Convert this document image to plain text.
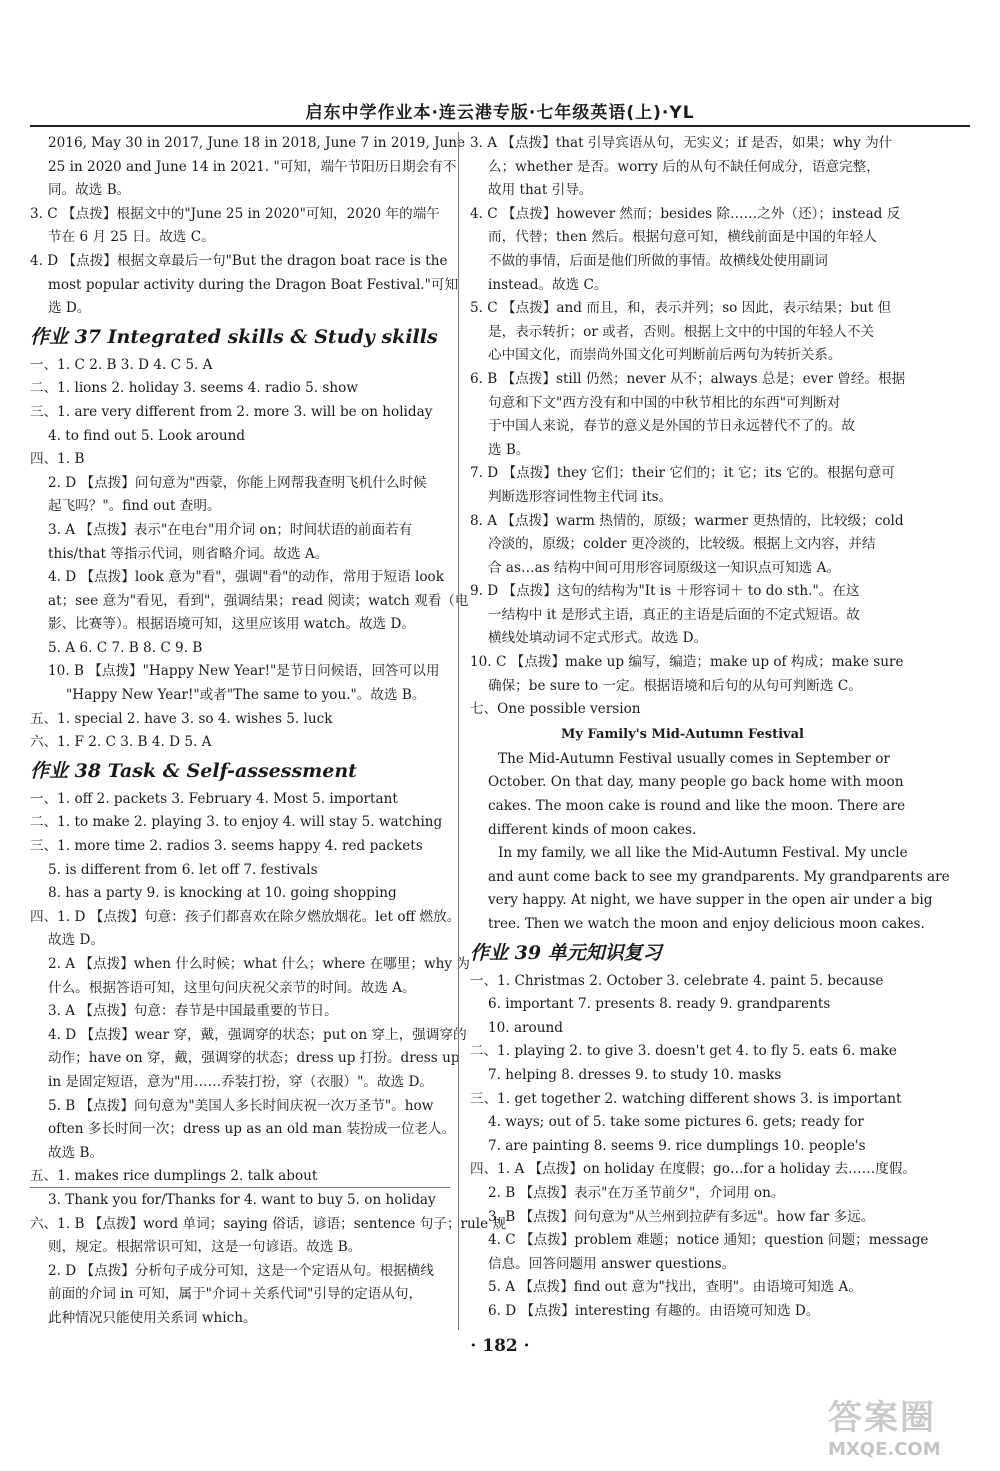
启东中学作业本·连云港专版·七年级英语(上)·YL
2016, May 30 in 2017, June 18 in 2018, June 7 in 2019, June
25 in 2020 and June 14 in 2021. "可知，端午节阳历日期会有不
同。故选 B。
3. C 【点拨】根据文中的"June 25 in 2020"可知，2020 年的端午
节在 6 月 25 日。故选 C。
4. D 【点拨】根据文章最后一句"But the dragon boat race is the
most popular activity during the Dragon Boat Festival."可知
选 D。
作业 37 Integrated skills & Study skills
一、1. C 2. B 3. D 4. C 5. A
二、1. lions 2. holiday 3. seems 4. radio 5. show
三、1. are very different from 2. more 3. will be on holiday
4. to find out 5. Look around
四、1. B
2. D 【点拨】问句意为"西蒙，你能上网帮我查明飞机什么时候
起飞吗？"。find out 查明。
3. A 【点拨】表示"在电台"用介词 on；时间状语的前面若有
this/that 等指示代词，则省略介词。故选 A。
4. D 【点拨】look 意为"看"，强调"看"的动作，常用于短语 look
at；see 意为"看见，看到"，强调结果；read 阅读；watch 观看（电
影、比赛等）。根据语境可知，这里应该用 watch。故选 D。
5. A 6. C 7. B 8. C 9. B
10. B 【点拨】"Happy New Year!"是节日问候语，回答可以用
"Happy New Year!"或者"The same to you."。故选 B。
五、1. special 2. have 3. so 4. wishes 5. luck
六、1. F 2. C 3. B 4. D 5. A
作业 38 Task & Self-assessment
一、1. off 2. packets 3. February 4. Most 5. important
二、1. to make 2. playing 3. to enjoy 4. will stay 5. watching
三、1. more time 2. radios 3. seems happy 4. red packets
5. is different from 6. let off 7. festivals
8. has a party 9. is knocking at 10. going shopping
四、1. D 【点拨】句意：孩子们都喜欢在除夕燃放烟花。let off 燃放。
故选 D。
2. A 【点拨】when 什么时候；what 什么；where 在哪里；why 为
什么。根据答语可知，这里句问庆祝父亲节的时间。故选 A。
3. A 【点拨】句意：春节是中国最重要的节日。
4. D 【点拨】wear 穿，戴，强调穿的状态；put on 穿上，强调穿的
动作；have on 穿，戴，强调穿的状态；dress up 打扮。dress up
in 是固定短语，意为"用……乔装打扮，穿（衣服）"。故选 D。
5. B 【点拨】问句意为"美国人多长时间庆祝一次万圣节"。how
often 多长时间一次；dress up as an old man 装扮成一位老人。
故选 B。
五、1. makes rice dumplings 2. talk about
3. Thank you for/Thanks for 4. want to buy 5. on holiday
六、1. B 【点拨】word 单词；saying 俗话，谚语；sentence 句子；rule 规
则，规定。根据常识可知，这是一句谚语。故选 B。
2. D 【点拨】分析句子成分可知，这是一个定语从句。根据横线
前面的介词 in 可知，属于"介词＋关系代词"引导的定语从句，
此种情况只能使用关系词 which。
3. A 【点拨】that 引导宾语从句，无实义；if 是否，如果；why 为什
么；whether 是否。worry 后的从句不缺任何成分，语意完整，
故用 that 引导。
4. C 【点拨】however 然而；besides 除……之外（还）；instead 反
而，代替；then 然后。根据句意可知，横线前面是中国的年轻人
不做的事情，后面是他们所做的事情。故横线处使用副词
instead。故选 C。
5. C 【点拨】and 而且，和，表示并列；so 因此，表示结果；but 但
是，表示转折；or 或者，否则。根据上文中的中国的年轻人不关
心中国文化，而崇尚外国文化可判断前后两句为转折关系。
6. B 【点拨】still 仍然；never 从不；always 总是；ever 曾经。根据
句意和下文"西方没有和中国的中秋节相比的东西"可判断对
于中国人来说，春节的意义是外国的节日永远替代不了的。故
选 B。
7. D 【点拨】they 它们；their 它们的；it 它；its 它的。根据句意可
判断选形容词性物主代词 its。
8. A 【点拨】warm 热情的，原级；warmer 更热情的，比较级；cold
冷淡的，原级；colder 更冷淡的，比较级。根据上文内容，并结
合 as…as 结构中间可用形容词原级这一知识点可知选 A。
9. D 【点拨】这句的结构为"It is ＋形容词＋ to do sth."。在这
一结构中 it 是形式主语，真正的主语是后面的不定式短语。故
横线处填动词不定式形式。故选 D。
10. C 【点拨】make up 编写，编造；make up of 构成；make sure
确保；be sure to 一定。根据语境和后句的从句可判断选 C。
七、One possible version
My Family's Mid-Autumn Festival
The Mid-Autumn Festival usually comes in September or
October. On that day, many people go back home with moon
cakes. The moon cake is round and like the moon. There are
different kinds of moon cakes.
In my family, we all like the Mid-Autumn Festival. My uncle
and aunt come back to see my grandparents. My grandparents are
very happy. At night, we have supper in the open air under a big
tree. Then we watch the moon and enjoy delicious moon cakes.
作业 39 单元知识复习
一、1. Christmas 2. October 3. celebrate 4. paint 5. because
6. important 7. presents 8. ready 9. grandparents
10. around
二、1. playing 2. to give 3. doesn't get 4. to fly 5. eats 6. make
7. helping 8. dresses 9. to study 10. masks
三、1. get together 2. watching different shows 3. is important
4. ways; out of 5. take some pictures 6. gets; ready for
7. are painting 8. seems 9. rice dumplings 10. people's
四、1. A 【点拨】on holiday 在度假；go…for a holiday 去……度假。
2. B 【点拨】表示"在万圣节前夕"，介词用 on。
3. B 【点拨】问句意为"从兰州到拉萨有多远"。how far 多远。
4. C 【点拨】problem 难题；notice 通知；question 问题；message
信息。回答问题用 answer questions。
5. A 【点拨】find out 意为"找出，查明"。由语境可知选 A。
6. D 【点拨】interesting 有趣的。由语境可知选 D。
· 182 ·
答案圈
MXQE.COM
